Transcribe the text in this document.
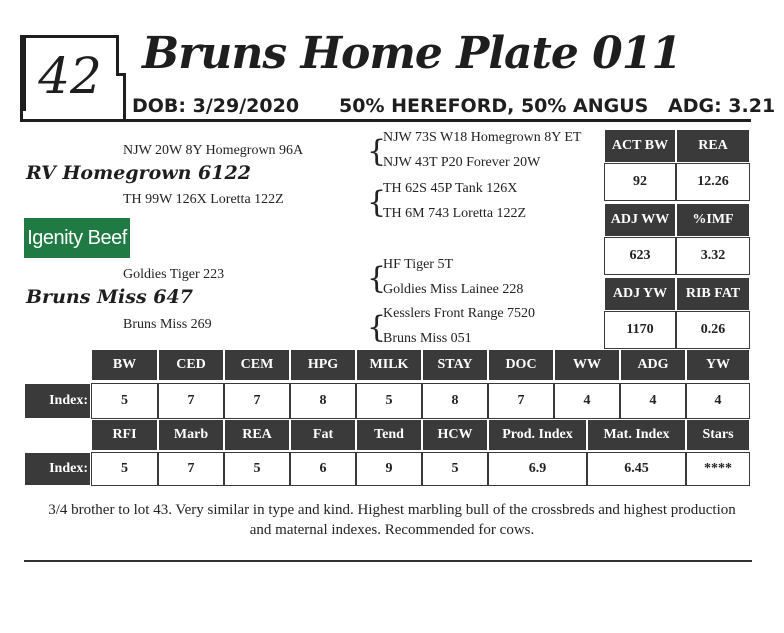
42 Bruns Home Plate 011
DOB: 3/29/2020 50% HEREFORD, 50% ANGUS ADG: 3.21
NJW 20W 8Y Homegrown 96A
RV Homegrown 6122
TH 99W 126X Loretta 122Z
Igenity Beef
Goldies Tiger 223
Bruns Miss 647
Bruns Miss 269
{
NJW 73S W18 Homegrown 8Y ET
NJW 43T P20 Forever 20W
{
TH 62S 45P Tank 126X
TH 6M 743 Loretta 122Z
{
HF Tiger 5T
Goldies Miss Lainee 228
{
Kesslers Front Range 7520
Bruns Miss 051
ACT BW	REA
92	12.26
ADJ WW	%IMF
623	3.32
ADJ YW	RIB FAT
1170	0.26
BW	CED	CEM	HPG	MILK	STAY	DOC	WW	ADG	YW
Index:	5	7	7	8	5	8	7	4	4	4
RFI	Marb	REA	Fat	Tend	HCW	Prod. Index	Mat. Index	Stars
Index:	5	7	5	6	9	5	6.9	6.45	****
3/4 brother to lot 43. Very similar in type and kind. Highest marbling bull of the crossbreds and highest production and maternal indexes. Recommended for cows.
